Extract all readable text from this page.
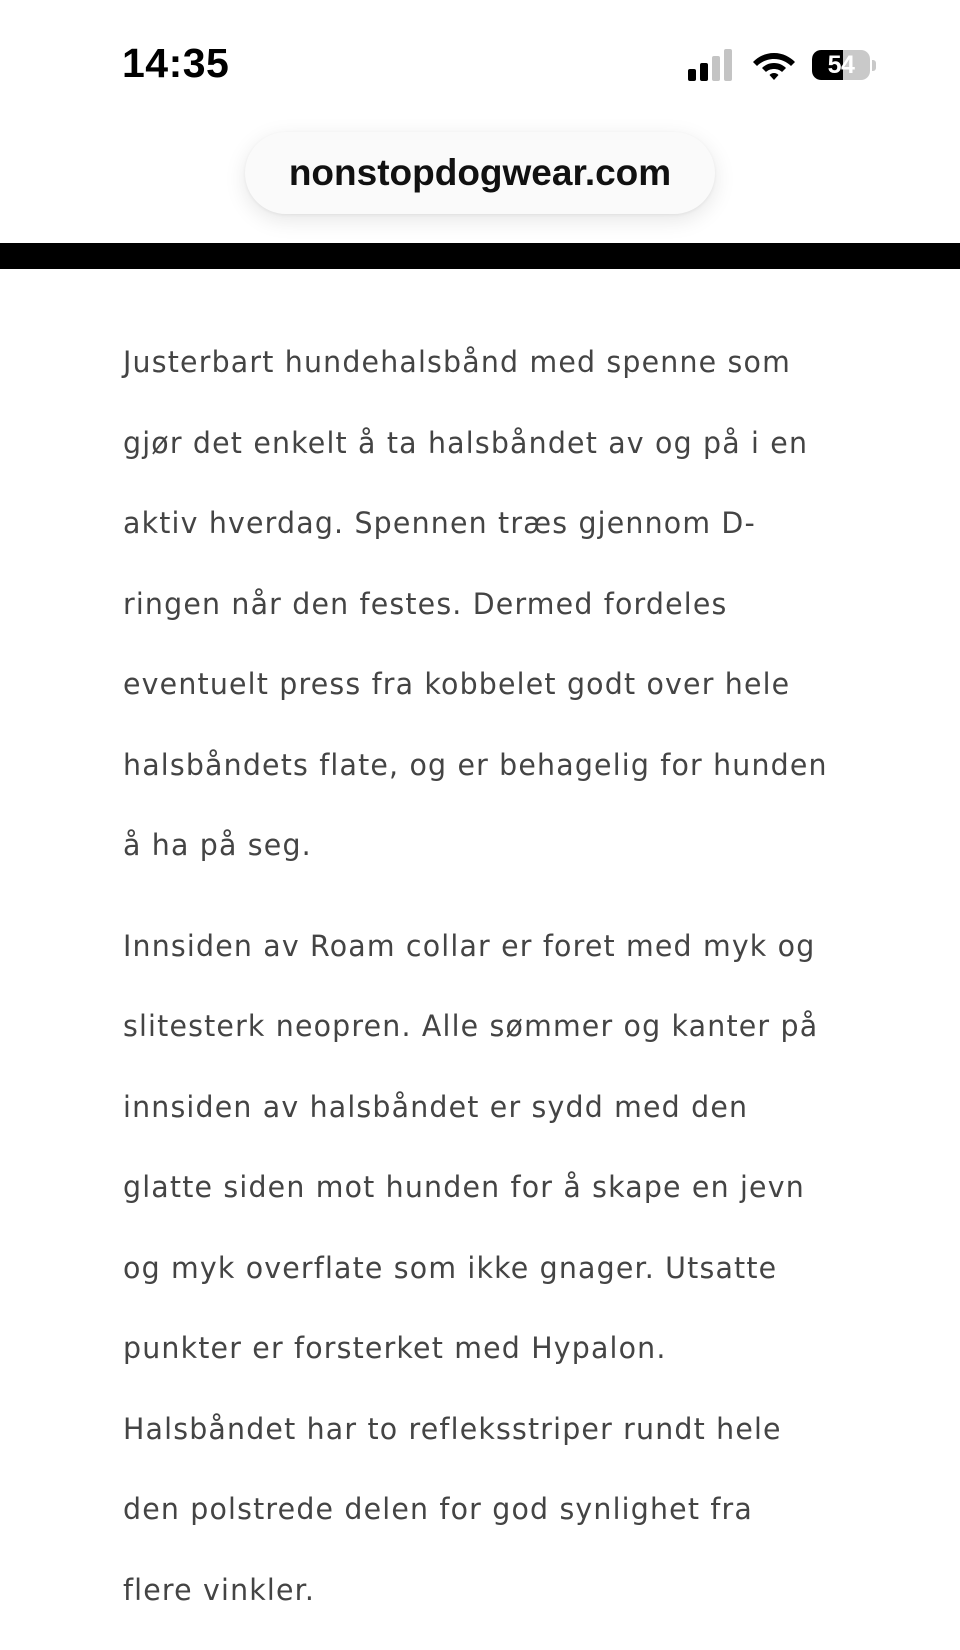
14:35	54
nonstopdogwear.com

Justerbart hundehalsbånd med spenne som gjør det enkelt å ta halsbåndet av og på i en aktiv hverdag. Spennen træs gjennom D-ringen når den festes. Dermed fordeles eventuelt press fra kobbelet godt over hele halsbåndets flate, og er behagelig for hunden å ha på seg.

Innsiden av Roam collar er foret med myk og slitesterk neopren. Alle sømmer og kanter på innsiden av halsbåndet er sydd med den glatte siden mot hunden for å skape en jevn og myk overflate som ikke gnager. Utsatte punkter er forsterket med Hypalon. Halsbåndet har to refleksstriper rundt hele den polstrede delen for god synlighet fra flere vinkler.
